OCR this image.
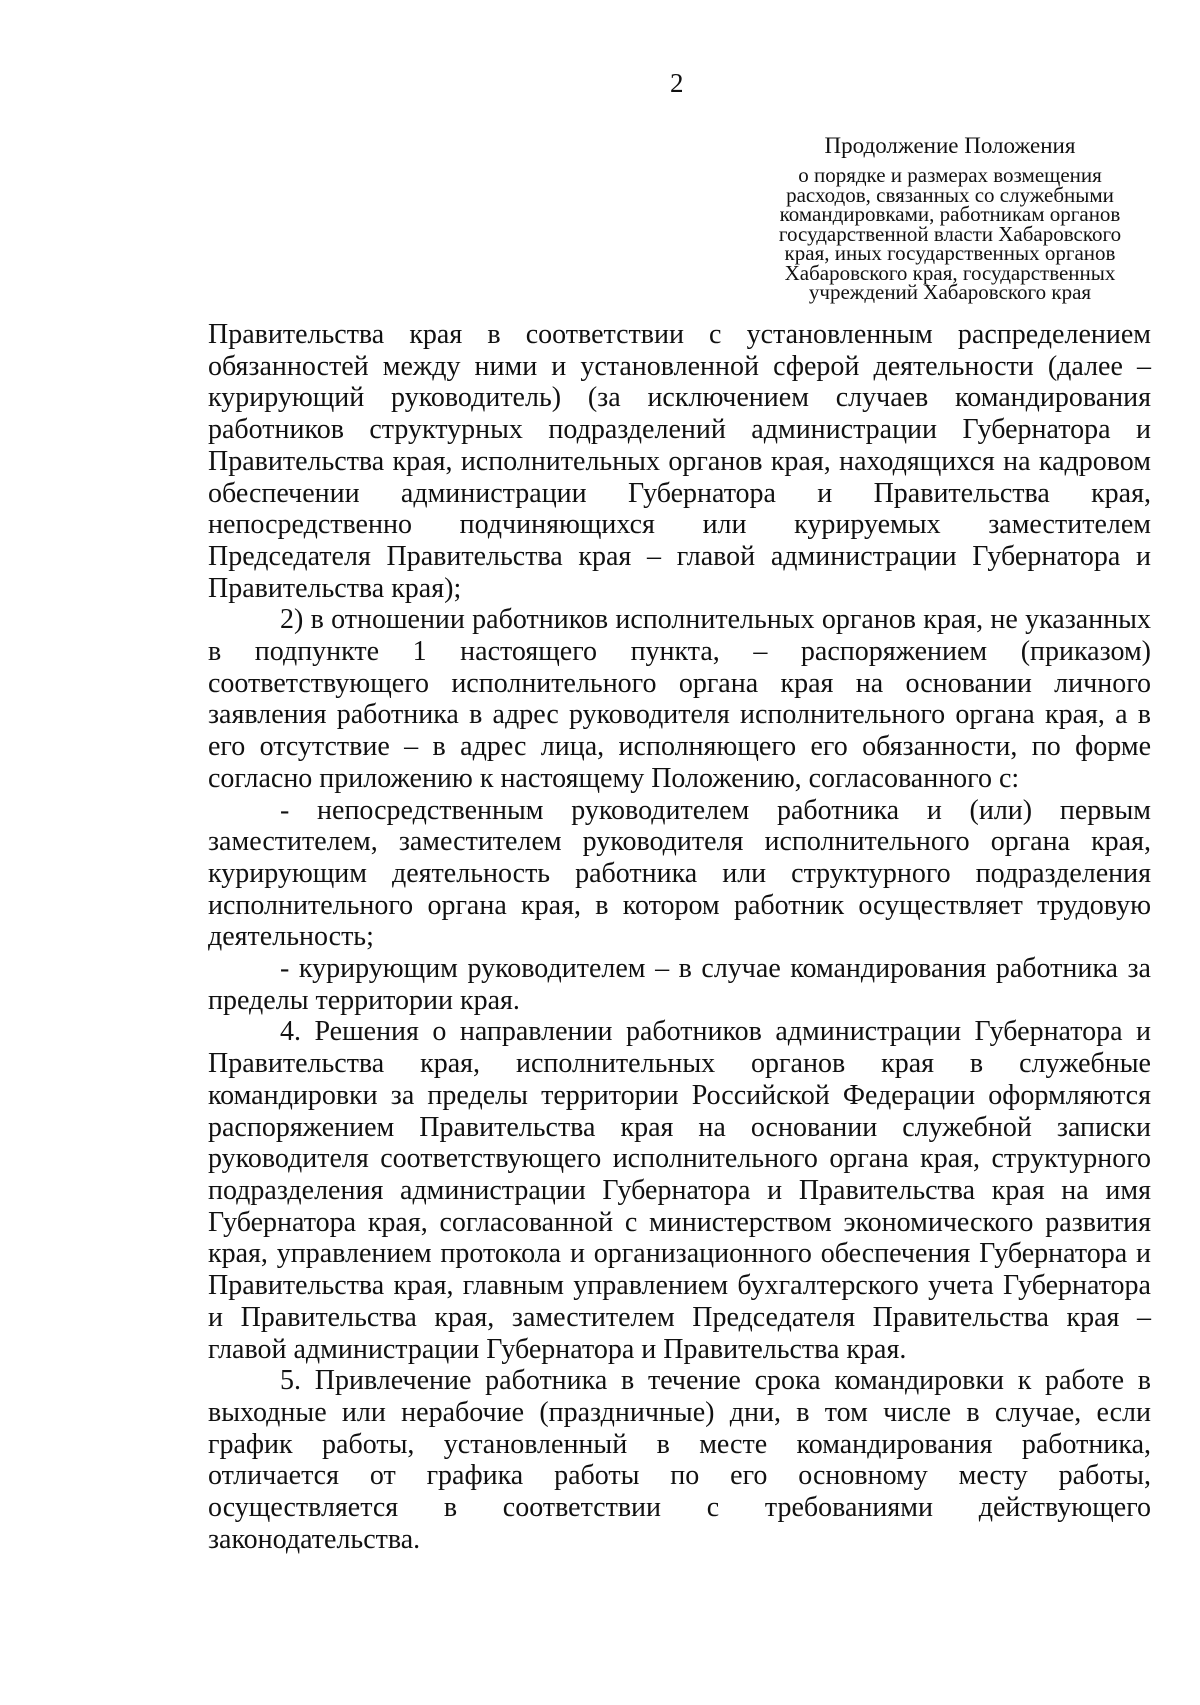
2

Продолжение Положения

о порядке и размерах возмещения

расходов, связанных со служебными

командировками, работникам органов

государственной власти Хабаровского

края, иных государственных органов

Хабаровского края, государственных

учреждений Хабаровского края

Правительства края в соответствии с установленным распределением обязанностей между ними и установленной сферой деятельности (далее – курирующий руководитель) (за исключением случаев командирования работников структурных подразделений администрации Губернатора и Правительства края, исполнительных органов края, находящихся на кадровом обеспечении администрации Губернатора и Правительства края, непосредственно подчиняющихся или курируемых заместителем Председателя Правительства края – главой администрации Губернатора и Правительства края);

2) в отношении работников исполнительных органов края, не указанных в подпункте 1 настоящего пункта, – распоряжением (приказом) соответствующего исполнительного органа края на основании личного заявления работника в адрес руководителя исполнительного органа края, а в его отсутствие – в адрес лица, исполняющего его обязанности, по форме согласно приложению к настоящему Положению, согласованного с:

- непосредственным руководителем работника и (или) первым заместителем, заместителем руководителя исполнительного органа края, курирующим деятельность работника или структурного подразделения исполнительного органа края, в котором работник осуществляет трудовую деятельность;

- курирующим руководителем – в случае командирования работника за пределы территории края.

4. Решения о направлении работников администрации Губернатора и Правительства края, исполнительных органов края в служебные командировки за пределы территории Российской Федерации оформляются распоряжением Правительства края на основании служебной записки руководителя соответствующего исполнительного органа края, структурного подразделения администрации Губернатора и Правительства края на имя Губернатора края, согласованной с министерством экономического развития края, управлением протокола и организационного обеспечения Губернатора и Правительства края, главным управлением бухгалтерского учета Губернатора и Правительства края, заместителем Председателя Правительства края – главой администрации Губернатора и Правительства края.

5. Привлечение работника в течение срока командировки к работе в выходные или нерабочие (праздничные) дни, в том числе в случае, если график работы, установленный в месте командирования работника, отличается от графика работы по его основному месту работы, осуществляется в соответствии с требованиями действующего законодательства.
